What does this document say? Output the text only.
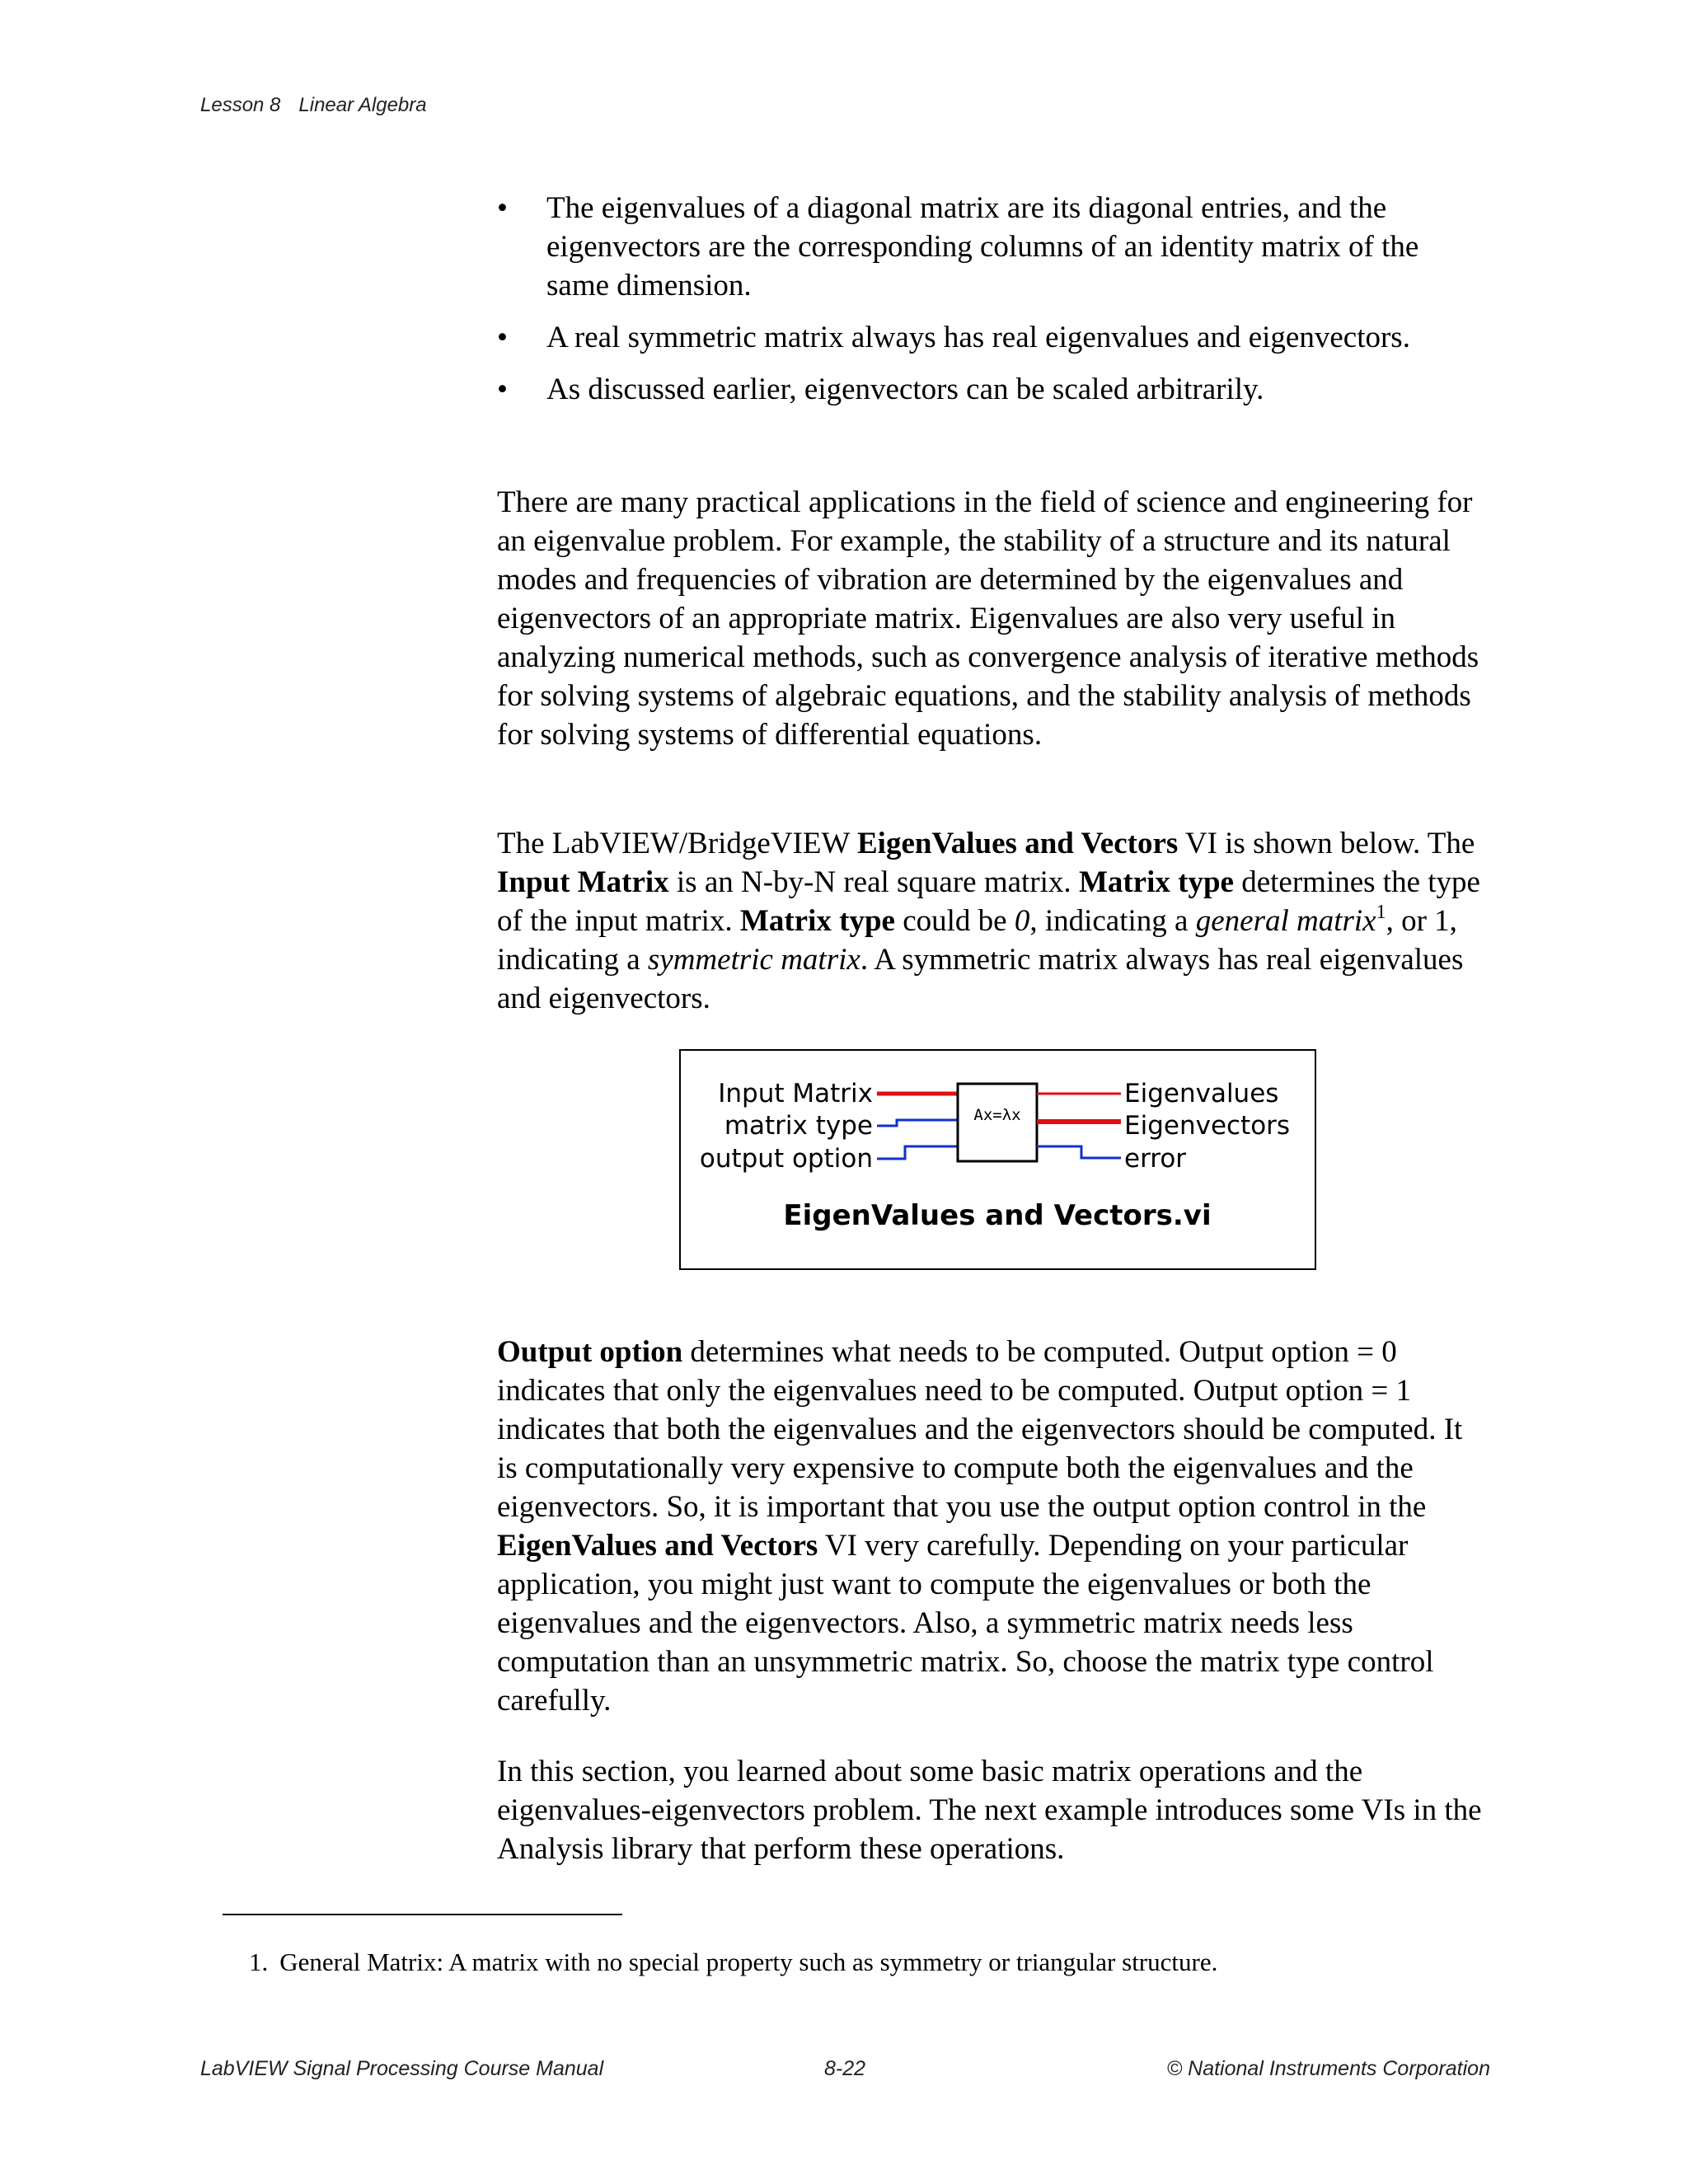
Lesson 8 Linear Algebra
• The eigenvalues of a diagonal matrix are its diagonal entries, and the eigenvectors are the corresponding columns of an identity matrix of the same dimension.
• A real symmetric matrix always has real eigenvalues and eigenvectors.
• As discussed earlier, eigenvectors can be scaled arbitrarily.

There are many practical applications in the field of science and engineering for an eigenvalue problem. For example, the stability of a structure and its natural modes and frequencies of vibration are determined by the eigenvalues and eigenvectors of an appropriate matrix. Eigenvalues are also very useful in analyzing numerical methods, such as convergence analysis of iterative methods for solving systems of algebraic equations, and the stability analysis of methods for solving systems of differential equations.

The LabVIEW/BridgeVIEW EigenValues and Vectors VI is shown below. The Input Matrix is an N-by-N real square matrix. Matrix type determines the type of the input matrix. Matrix type could be 0, indicating a general matrix$^1$, or 1, indicating a symmetric matrix. A symmetric matrix always has real eigenvalues and eigenvectors.

Input Matrix
matrix type
output option
Ax=λx
Eigenvalues
Eigenvectors
error
EigenValues and Vectors.vi

Output option determines what needs to be computed. Output option = 0 indicates that only the eigenvalues need to be computed. Output option = 1 indicates that both the eigenvalues and the eigenvectors should be computed. It is computationally very expensive to compute both the eigenvalues and the eigenvectors. So, it is important that you use the output option control in the EigenValues and Vectors VI very carefully. Depending on your particular application, you might just want to compute the eigenvalues or both the eigenvalues and the eigenvectors. Also, a symmetric matrix needs less computation than an unsymmetric matrix. So, choose the matrix type control carefully.

In this section, you learned about some basic matrix operations and the eigenvalues-eigenvectors problem. The next example introduces some VIs in the Analysis library that perform these operations.

1. General Matrix: A matrix with no special property such as symmetry or triangular structure.
LabVIEW Signal Processing Course Manual	8-22	© National Instruments Corporation
